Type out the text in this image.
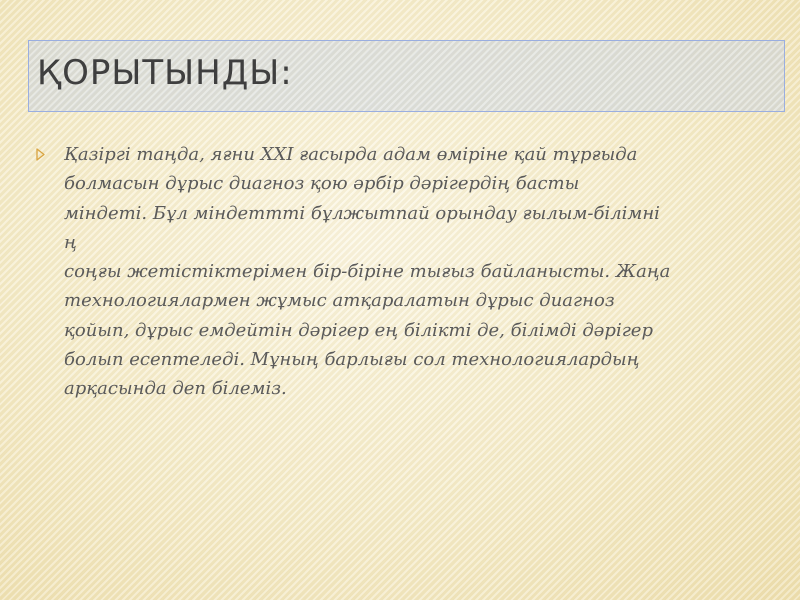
ҚОРЫТЫНДЫ:

Қазіргі таңда, яғни XXI ғасырда адам өміріне қай тұрғыда
болмасын дұрыс диагноз қою әрбір дәрігердің басты
міндеті. Бұл міндеттті бұлжытпай орындау ғылым-білімні
ң
соңғы жетістіктерімен бір-біріне тығыз байланысты. Жаңа
технологиялармен жұмыс атқаралатын дұрыс диагноз
қойып, дұрыс емдейтін дәрігер ең білікті де, білімді дәрігер
болып есептеледі. Мұның барлығы сол технологиялардың
арқасында деп білеміз.
